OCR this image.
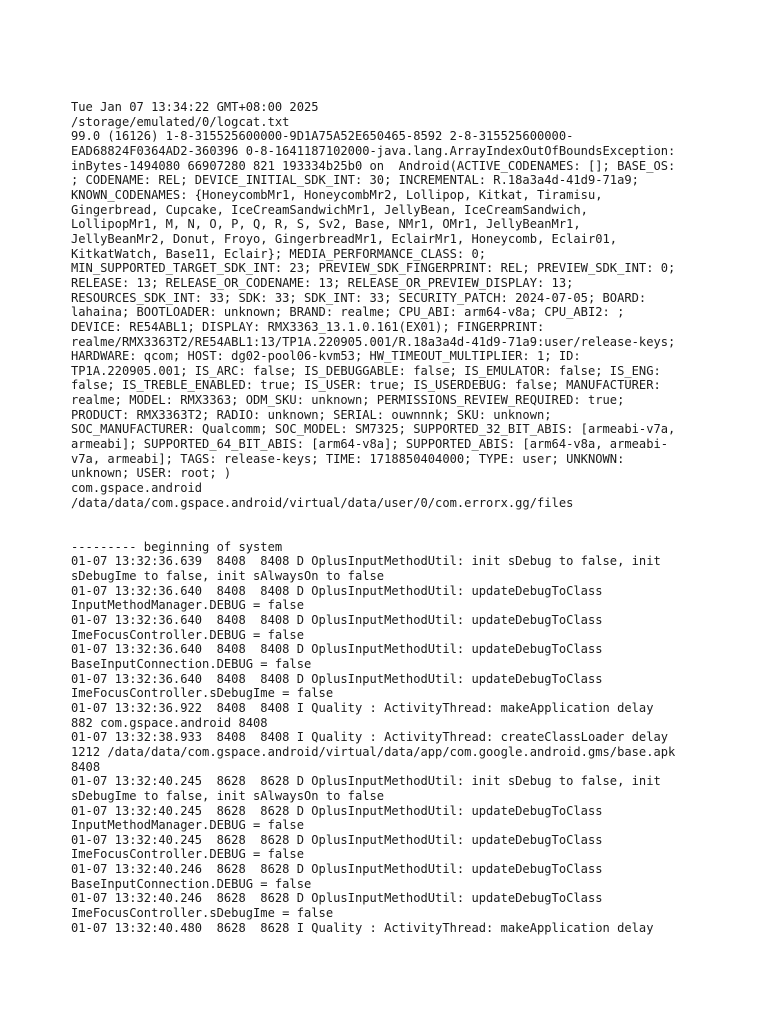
Tue Jan 07 13:34:22 GMT+08:00 2025
/storage/emulated/0/logcat.txt
99.0 (16126) 1-8-315525600000-9D1A75A52E650465-8592 2-8-315525600000-
EAD68824F0364AD2-360396 0-8-1641187102000-java.lang.ArrayIndexOutOfBoundsException:
inBytes-1494080 66907280 821 193334b25b0 on  Android(ACTIVE_CODENAMES: []; BASE_OS:
; CODENAME: REL; DEVICE_INITIAL_SDK_INT: 30; INCREMENTAL: R.18a3a4d-41d9-71a9;
KNOWN_CODENAMES: {HoneycombMr1, HoneycombMr2, Lollipop, Kitkat, Tiramisu,
Gingerbread, Cupcake, IceCreamSandwichMr1, JellyBean, IceCreamSandwich,
LollipopMr1, M, N, O, P, Q, R, S, Sv2, Base, NMr1, OMr1, JellyBeanMr1,
JellyBeanMr2, Donut, Froyo, GingerbreadMr1, EclairMr1, Honeycomb, Eclair01,
KitkatWatch, Base11, Eclair}; MEDIA_PERFORMANCE_CLASS: 0;
MIN_SUPPORTED_TARGET_SDK_INT: 23; PREVIEW_SDK_FINGERPRINT: REL; PREVIEW_SDK_INT: 0;
RELEASE: 13; RELEASE_OR_CODENAME: 13; RELEASE_OR_PREVIEW_DISPLAY: 13;
RESOURCES_SDK_INT: 33; SDK: 33; SDK_INT: 33; SECURITY_PATCH: 2024-07-05; BOARD:
lahaina; BOOTLOADER: unknown; BRAND: realme; CPU_ABI: arm64-v8a; CPU_ABI2: ;
DEVICE: RE54ABL1; DISPLAY: RMX3363_13.1.0.161(EX01); FINGERPRINT:
realme/RMX3363T2/RE54ABL1:13/TP1A.220905.001/R.18a3a4d-41d9-71a9:user/release-keys;
HARDWARE: qcom; HOST: dg02-pool06-kvm53; HW_TIMEOUT_MULTIPLIER: 1; ID:
TP1A.220905.001; IS_ARC: false; IS_DEBUGGABLE: false; IS_EMULATOR: false; IS_ENG:
false; IS_TREBLE_ENABLED: true; IS_USER: true; IS_USERDEBUG: false; MANUFACTURER:
realme; MODEL: RMX3363; ODM_SKU: unknown; PERMISSIONS_REVIEW_REQUIRED: true;
PRODUCT: RMX3363T2; RADIO: unknown; SERIAL: ouwnnnk; SKU: unknown;
SOC_MANUFACTURER: Qualcomm; SOC_MODEL: SM7325; SUPPORTED_32_BIT_ABIS: [armeabi-v7a,
armeabi]; SUPPORTED_64_BIT_ABIS: [arm64-v8a]; SUPPORTED_ABIS: [arm64-v8a, armeabi-
v7a, armeabi]; TAGS: release-keys; TIME: 1718850404000; TYPE: user; UNKNOWN:
unknown; USER: root; )
com.gspace.android
/data/data/com.gspace.android/virtual/data/user/0/com.errorx.gg/files

--------- beginning of system
01-07 13:32:36.639  8408  8408 D OplusInputMethodUtil: init sDebug to false, init
sDebugIme to false, init sAlwaysOn to false
01-07 13:32:36.640  8408  8408 D OplusInputMethodUtil: updateDebugToClass
InputMethodManager.DEBUG = false
01-07 13:32:36.640  8408  8408 D OplusInputMethodUtil: updateDebugToClass
ImeFocusController.DEBUG = false
01-07 13:32:36.640  8408  8408 D OplusInputMethodUtil: updateDebugToClass
BaseInputConnection.DEBUG = false
01-07 13:32:36.640  8408  8408 D OplusInputMethodUtil: updateDebugToClass
ImeFocusController.sDebugIme = false
01-07 13:32:36.922  8408  8408 I Quality : ActivityThread: makeApplication delay
882 com.gspace.android 8408
01-07 13:32:38.933  8408  8408 I Quality : ActivityThread: createClassLoader delay
1212 /data/data/com.gspace.android/virtual/data/app/com.google.android.gms/base.apk
8408
01-07 13:32:40.245  8628  8628 D OplusInputMethodUtil: init sDebug to false, init
sDebugIme to false, init sAlwaysOn to false
01-07 13:32:40.245  8628  8628 D OplusInputMethodUtil: updateDebugToClass
InputMethodManager.DEBUG = false
01-07 13:32:40.245  8628  8628 D OplusInputMethodUtil: updateDebugToClass
ImeFocusController.DEBUG = false
01-07 13:32:40.246  8628  8628 D OplusInputMethodUtil: updateDebugToClass
BaseInputConnection.DEBUG = false
01-07 13:32:40.246  8628  8628 D OplusInputMethodUtil: updateDebugToClass
ImeFocusController.sDebugIme = false
01-07 13:32:40.480  8628  8628 I Quality : ActivityThread: makeApplication delay
